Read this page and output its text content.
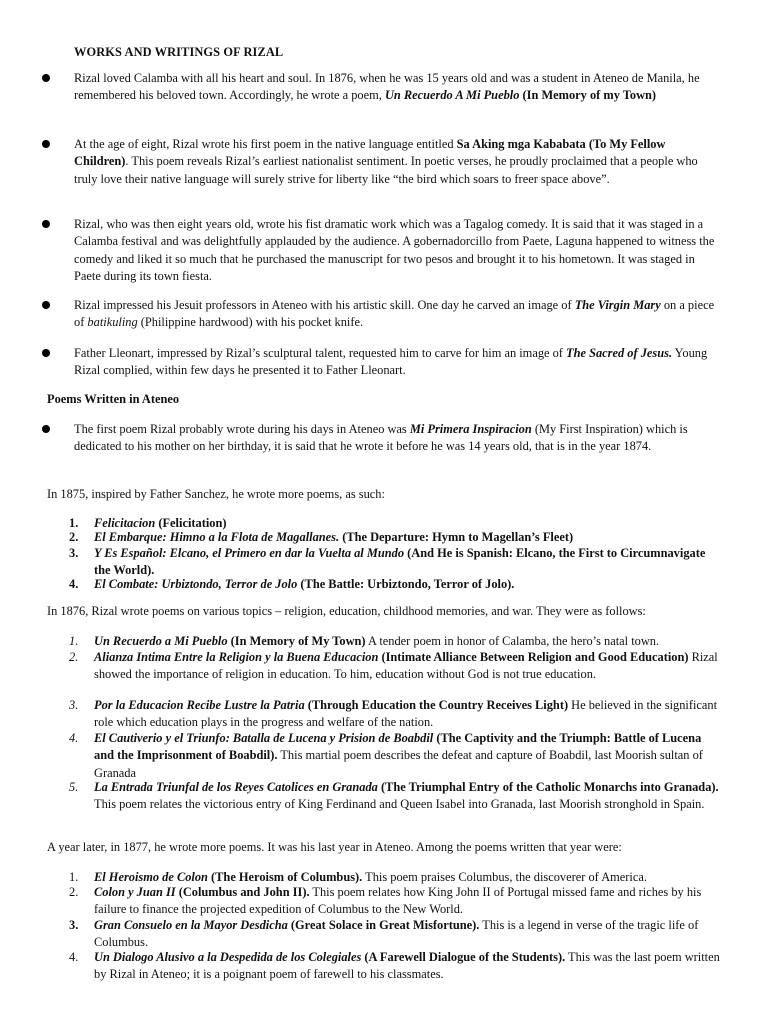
WORKS AND WRITINGS OF RIZAL
Rizal loved Calamba with all his heart and soul. In 1876, when he was 15 years old and was a student in Ateneo de Manila, he remembered his beloved town. Accordingly, he wrote a poem, Un Recuerdo A Mi Pueblo (In Memory of my Town)
At the age of eight, Rizal wrote his first poem in the native language entitled Sa Aking mga Kababata (To My Fellow Children). This poem reveals Rizal’s earliest nationalist sentiment. In poetic verses, he proudly proclaimed that a people who truly love their native language will surely strive for liberty like “the bird which soars to freer space above”.
Rizal, who was then eight years old, wrote his fist dramatic work which was a Tagalog comedy. It is said that it was staged in a Calamba festival and was delightfully applauded by the audience. A gobernadorcillo from Paete, Laguna happened to witness the comedy and liked it so much that he purchased the manuscript for two pesos and brought it to his hometown. It was staged in Paete during its town fiesta.
Rizal impressed his Jesuit professors in Ateneo with his artistic skill. One day he carved an image of The Virgin Mary on a piece of batikuling (Philippine hardwood) with his pocket knife.
Father Lleonart, impressed by Rizal’s sculptural talent, requested him to carve for him an image of The Sacred of Jesus. Young Rizal complied, within few days he presented it to Father Lleonart.
Poems Written in Ateneo
The first poem Rizal probably wrote during his days in Ateneo was Mi Primera Inspiracion (My First Inspiration) which is dedicated to his mother on her birthday, it is said that he wrote it before he was 14 years old, that is in the year 1874.
In 1875, inspired by Father Sanchez, he wrote more poems, as such:
1. Felicitacion (Felicitation)
2. El Embarque: Himno a la Flota de Magallanes. (The Departure: Hymn to Magellan’s Fleet)
3. Y Es Español: Elcano, el Primero en dar la Vuelta al Mundo (And He is Spanish: Elcano, the First to Circumnavigate the World).
4. El Combate: Urbiztondo, Terror de Jolo (The Battle: Urbiztondo, Terror of Jolo).
In 1876, Rizal wrote poems on various topics – religion, education, childhood memories, and war. They were as follows:
1. Un Recuerdo a Mi Pueblo (In Memory of My Town) A tender poem in honor of Calamba, the hero’s natal town.
2. Alianza Intima Entre la Religion y la Buena Educacion (Intimate Alliance Between Religion and Good Education) Rizal showed the importance of religion in education. To him, education without God is not true education.
3. Por la Educacion Recibe Lustre la Patria (Through Education the Country Receives Light) He believed in the significant role which education plays in the progress and welfare of the nation.
4. El Cautiverio y el Triunfo: Batalla de Lucena y Prision de Boabdil (The Captivity and the Triumph: Battle of Lucena and the Imprisonment of Boabdil). This martial poem describes the defeat and capture of Boabdil, last Moorish sultan of Granada
5. La Entrada Triunfal de los Reyes Catolices en Granada (The Triumphal Entry of the Catholic Monarchs into Granada). This poem relates the victorious entry of King Ferdinand and Queen Isabel into Granada, last Moorish stronghold in Spain.
A year later, in 1877, he wrote more poems. It was his last year in Ateneo. Among the poems written that year were:
1. El Heroismo de Colon (The Heroism of Columbus). This poem praises Columbus, the discoverer of America.
2. Colon y Juan II (Columbus and John II). This poem relates how King John II of Portugal missed fame and riches by his failure to finance the projected expedition of Columbus to the New World.
3. Gran Consuelo en la Mayor Desdicha (Great Solace in Great Misfortune). This is a legend in verse of the tragic life of Columbus.
4. Un Dialogo Alusivo a la Despedida de los Colegiales (A Farewell Dialogue of the Students). This was the last poem written by Rizal in Ateneo; it is a poignant poem of farewell to his classmates.
